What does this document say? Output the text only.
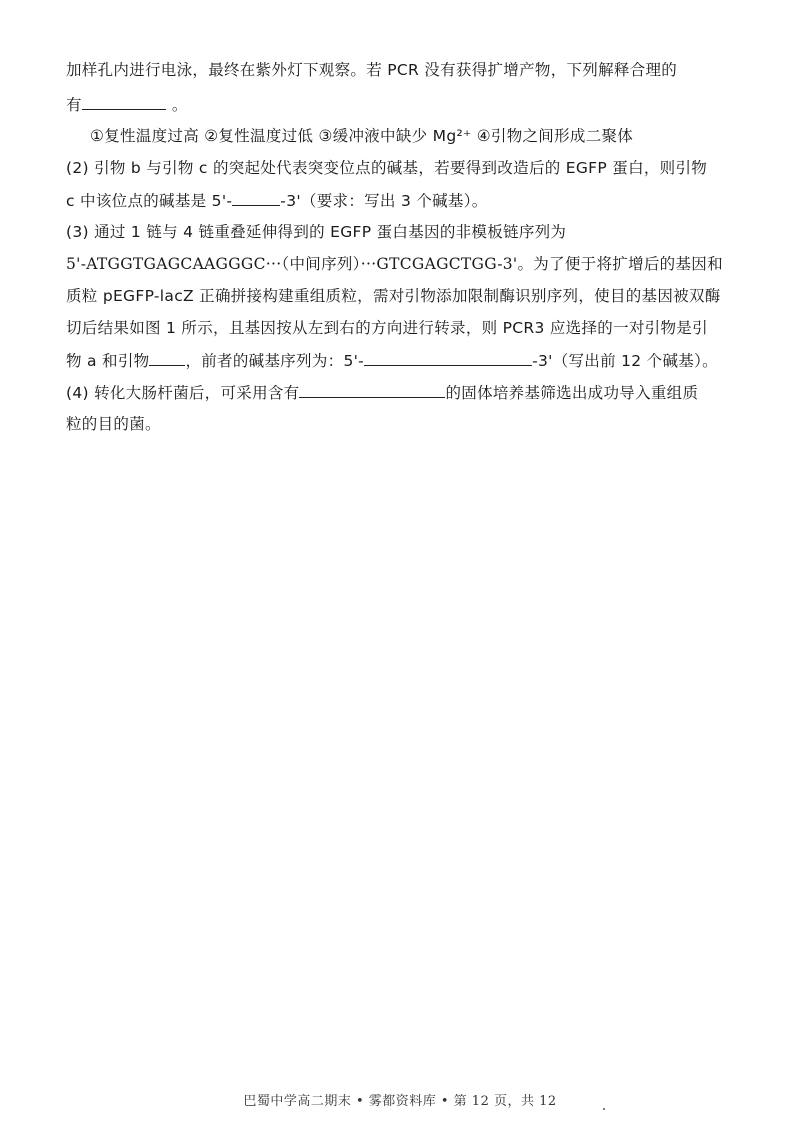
加样孔内进行电泳，最终在紫外灯下观察。若 PCR 没有获得扩增产物，下列解释合理的
有	。
①复性温度过高 ②复性温度过低 ③缓冲液中缺少 Mg²⁺ ④引物之间形成二聚体
(2) 引物 b 与引物 c 的突起处代表突变位点的碱基，若要得到改造后的 EGFP 蛋白，则引物
c 中该位点的碱基是 5'-	-3'（要求：写出 3 个碱基）。
(3) 通过 1 链与 4 链重叠延伸得到的 EGFP 蛋白基因的非模板链序列为
5'-ATGGTGAGCAAGGGC···（中间序列）···GTCGAGCTGG-3'。为了便于将扩增后的基因和
质粒 pEGFP-lacZ 正确拼接构建重组质粒，需对引物添加限制酶识别序列，使目的基因被双酶
切后结果如图 1 所示，且基因按从左到右的方向进行转录，则 PCR3 应选择的一对引物是引
物 a 和引物 ，前者的碱基序列为：5'-	-3'（写出前 12 个碱基）。
(4) 转化大肠杆菌后，可采用含有	的固体培养基筛选出成功导入重组质
粒的目的菌。
巴蜀中学高二期末 • 雾都资料库 • 第 12 页，共 12
